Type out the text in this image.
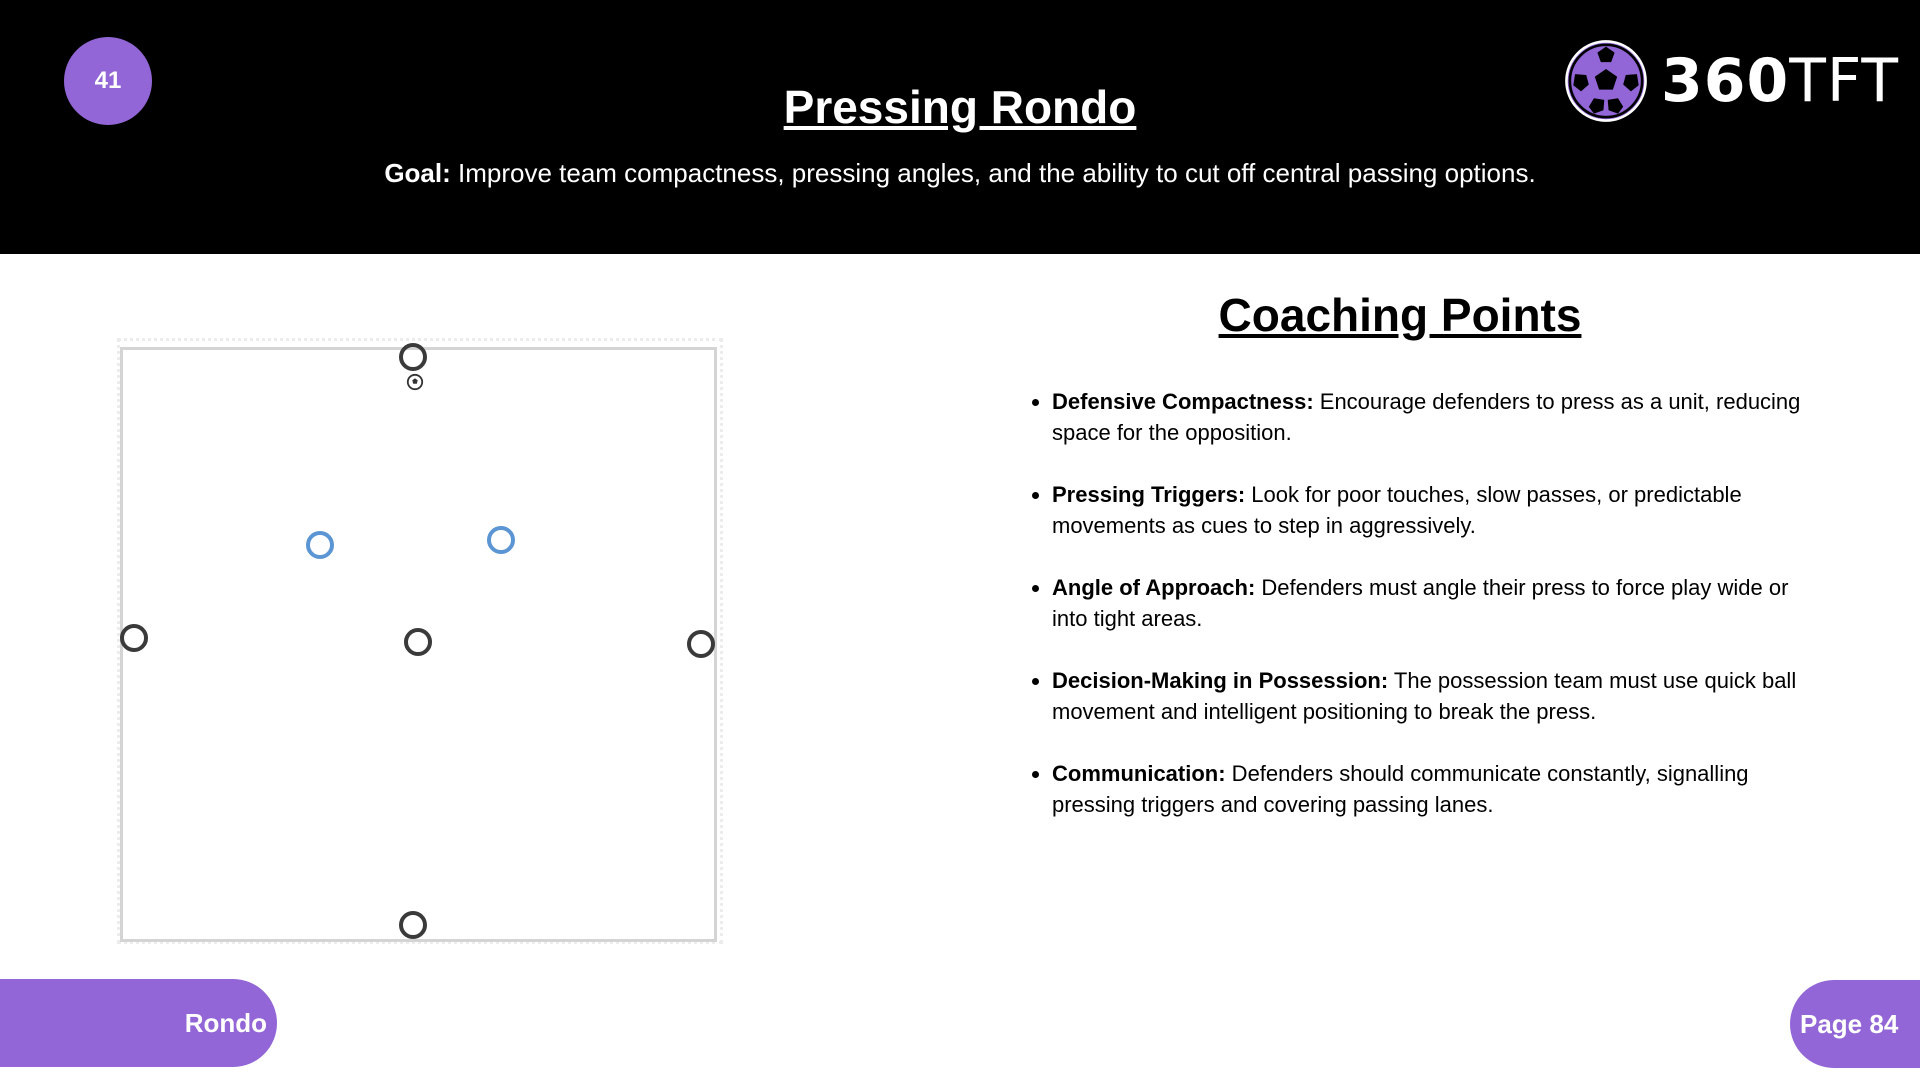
41
Pressing Rondo
Goal: Improve team compactness, pressing angles, and the ability to cut off central passing options.
360TFT
Coaching Points
• Defensive Compactness: Encourage defenders to press as a unit, reducing space for the opposition.
• Pressing Triggers: Look for poor touches, slow passes, or predictable movements as cues to step in aggressively.
• Angle of Approach: Defenders must angle their press to force play wide or into tight areas.
• Decision-Making in Possession: The possession team must use quick ball movement and intelligent positioning to break the press.
• Communication: Defenders should communicate constantly, signalling pressing triggers and covering passing lanes.
Rondo	Page 84
